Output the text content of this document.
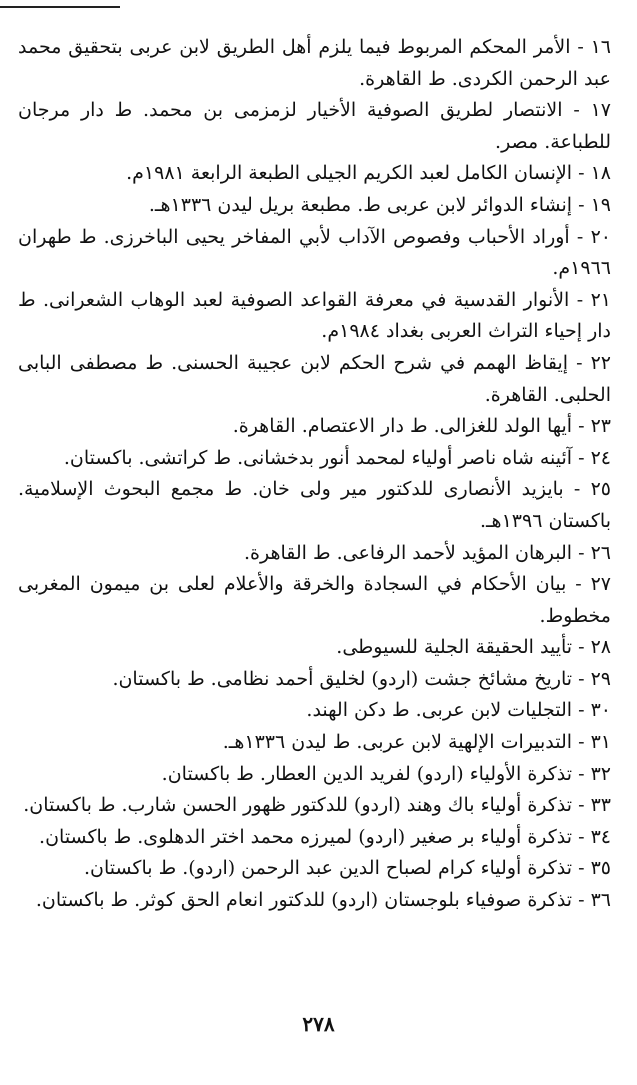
١٦ - الأمر المحكم المربوط فيما يلزم أهل الطريق لابن عربى بتحقيق محمد عبد الرحمن الكردى. ط القاهرة.

١٧ - الانتصار لطريق الصوفية الأخيار لزمزمى بن محمد. ط دار مرجان للطباعة. مصر.

١٨ - الإنسان الكامل لعبد الكريم الجيلى الطبعة الرابعة ١٩٨١م.

١٩ - إنشاء الدوائر لابن عربى ط. مطبعة بريل ليدن ١٣٣٦هـ.

٢٠ - أوراد الأحباب وفصوص الآداب لأبي المفاخر يحيى الباخرزى. ط طهران ١٩٦٦م.

٢١ - الأنوار القدسية في معرفة القواعد الصوفية لعبد الوهاب الشعرانى. ط دار إحياء التراث العربى بغداد ١٩٨٤م.

٢٢ - إيقاظ الهمم في شرح الحكم لابن عجيبة الحسنى. ط مصطفى البابى الحلبى. القاهرة.

٢٣ - أيها الولد للغزالى. ط دار الاعتصام. القاهرة.

٢٤ - آئينه شاه ناصر أولياء لمحمد أنور بدخشانى. ط كراتشى. باكستان.

٢٥ - بايزيد الأنصارى للدكتور مير ولى خان. ط مجمع البحوث الإسلامية. باكستان ١٣٩٦هـ.

٢٦ - البرهان المؤيد لأحمد الرفاعى. ط القاهرة.

٢٧ - بيان الأحكام في السجادة والخرقة والأعلام لعلى بن ميمون المغربى مخطوط.

٢٨ - تأييد الحقيقة الجلية للسيوطى.

٢٩ - تاريخ مشائخ جشت (اردو) لخليق أحمد نظامى. ط باكستان.

٣٠ - التجليات لابن عربى. ط دكن الهند.

٣١ - التدبيرات الإلهية لابن عربى. ط ليدن ١٣٣٦هـ.

٣٢ - تذكرة الأولياء (اردو) لفريد الدين العطار. ط باكستان.

٣٣ - تذكرة أولياء باك وهند (اردو) للدكتور ظهور الحسن شارب. ط باكستان.

٣٤ - تذكرة أولياء بر صغير (اردو) لميرزه محمد اختر الدهلوى. ط باكستان.

٣٥ - تذكرة أولياء كرام لصباح الدين عبد الرحمن (اردو). ط باكستان.

٣٦ - تذكرة صوفياء بلوجستان (اردو) للدكتور انعام الحق كوثر. ط باكستان.

٢٧٨
